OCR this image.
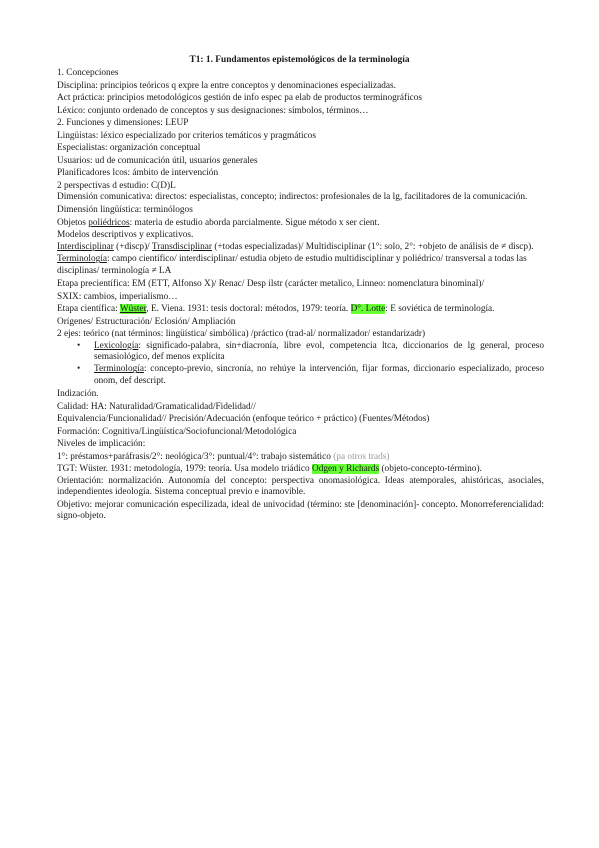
T1: 1. Fundamentos epistemológicos de la terminología

1. Concepciones
Disciplina: principios teóricos q expre la entre conceptos y denominaciones especializadas.
Act práctica: principios metodológicos gestión de info espec pa elab de productos terminográficos
Léxico: conjunto ordenado de conceptos y sus designaciones: símbolos, términos…
2. Funciones y dimensiones: LEUP
Lingüistas: léxico especializado por criterios temáticos y pragmáticos
Especialistas: organización conceptual
Usuarios: ud de comunicación útil, usuarios generales
Planificadores lcos: ámbito de intervención
2 perspectivas d estudio: C(D)L
Dimensión comunicativa: directos: especialistas, concepto; indirectos: profesionales de la lg, facilitadores de la comunicación.
Dimensión lingüística: terminólogos
Objetos poliédricos: materia de estudio aborda parcialmente. Sigue método x ser cient.
Modelos descriptivos y explicativos.
Interdisciplinar (+discp)/ Transdisciplinar (+todas especializadas)/ Multidisciplinar (1°: solo, 2°: +objeto de análisis de ≠ discp).
Terminología: campo científico/ interdisciplinar/ estudia objeto de estudio multidisciplinar y poliédrico/ transversal a todas las disciplinas/ terminología ≠ LA
Etapa precientífica: EM (ETT, Alfonso X)/ Renac/ Desp ilstr (carácter metalico, Linneo: nomenclatura binominal)/
SXIX: cambios, imperialismo…
Etapa científica: Wüster, E. Viena. 1931: tesis doctoral: métodos, 1979: teoría. D°. Lotte: E soviética de terminología.
Orígenes/ Estructuración/ Eclosión/ Ampliación
2 ejes: teórico (nat términos: lingüística/ simbólica) /práctico (trad-al/ normalizador/ estandarizadr)
• Lexicología: significado-palabra, sin+diacronía, libre evol, competencia ltca, diccionarios de lg general, proceso semasiológico, def menos explícita
• Terminología: concepto-previo, sincronía, no rehúye la intervención, fijar formas, diccionario especializado, proceso onom, def descript.
Indización.
Calidad: HA: Naturalidad/Gramaticalidad/Fidelidad//
Equivalencia/Funcionalidad// Precisión/Adecuación (enfoque teórico + práctico) (Fuentes/Métodos)
Formación: Cognitiva/Lingüística/Sociofuncional/Metodológica
Niveles de implicación:
1°: préstamos+paráfrasis/2°: neológica/3°: puntual/4°: trabajo sistemático (pa otros trads)
TGT: Wüster. 1931: metodología, 1979: teoría. Usa modelo triádico Odgen y Richards (objeto-concepto-término).
Orientación: normalización. Autonomía del concepto: perspectiva onomasiológica. Ideas atemporales, ahistóricas, asociales, independientes ideología. Sistema conceptual previo e inamovible.
Objetivo: mejorar comunicación especilizada, ideal de univocidad (término: ste [denominación]- concepto. Monorreferencialidad: signo-objeto.
